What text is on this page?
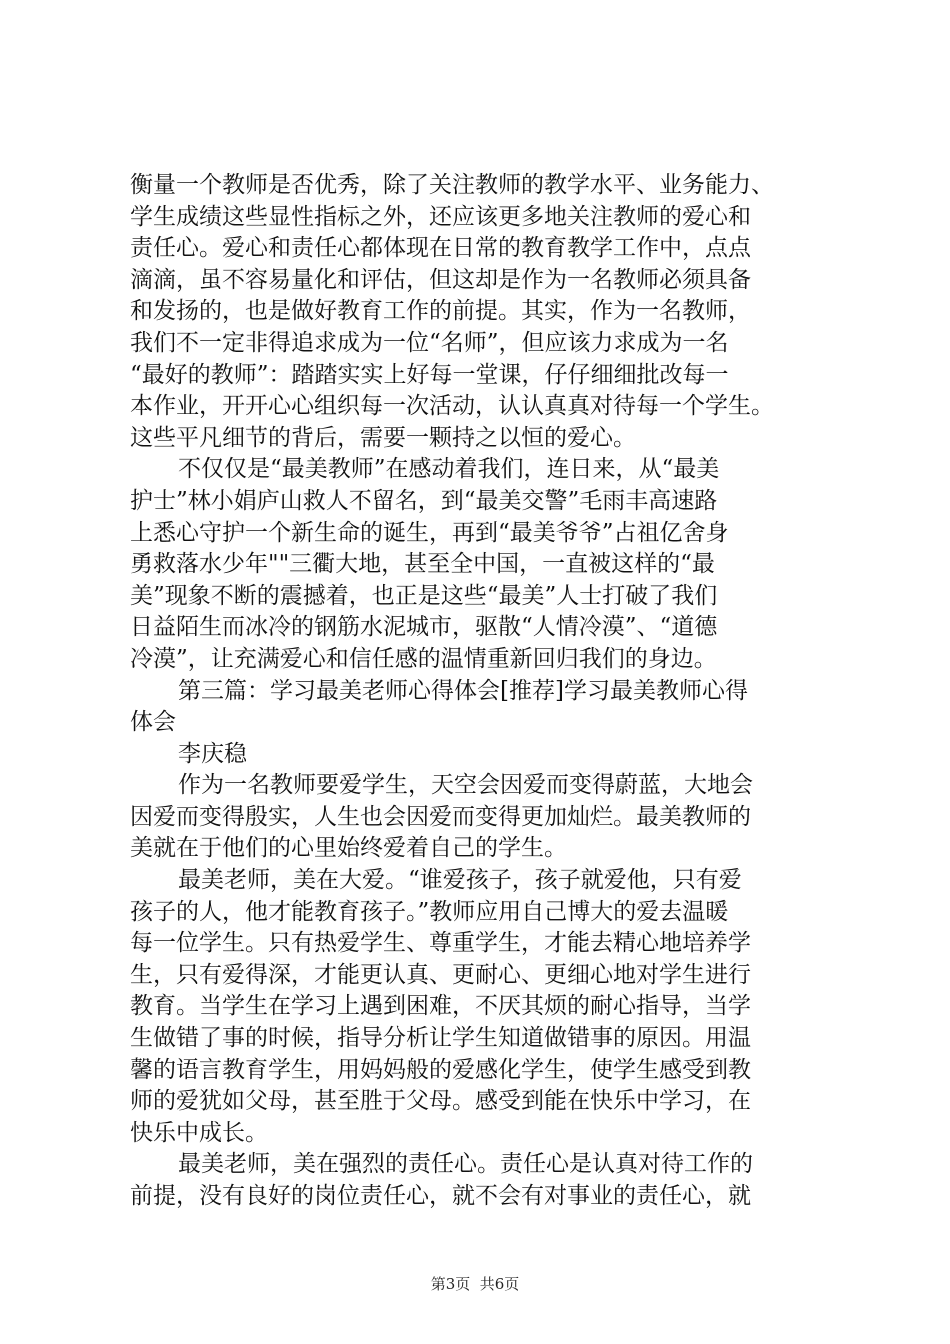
衡量一个教师是否优秀，除了关注教师的教学水平、业务能力、
学生成绩这些显性指标之外，还应该更多地关注教师的爱心和
责任心。爱心和责任心都体现在日常的教育教学工作中，点点
滴滴，虽不容易量化和评估，但这却是作为一名教师必须具备
和发扬的，也是做好教育工作的前提。其实，作为一名教师，
我们不一定非得追求成为一位“名师”，但应该力求成为一名
“最好的教师”：踏踏实实上好每一堂课，仔仔细细批改每一
本作业，开开心心组织每一次活动，认认真真对待每一个学生。
这些平凡细节的背后，需要一颗持之以恒的爱心。
不仅仅是“最美教师”在感动着我们，连日来，从“最美
护士”林小娟庐山救人不留名，到“最美交警”毛雨丰高速路
上悉心守护一个新生命的诞生，再到“最美爷爷”占祖亿舍身
勇救落水少年""三衢大地，甚至全中国，一直被这样的“最
美”现象不断的震撼着，也正是这些“最美”人士打破了我们
日益陌生而冰冷的钢筋水泥城市，驱散“人情冷漠”、“道德
冷漠”，让充满爱心和信任感的温情重新回归我们的身边。
第三篇：学习最美老师心得体会[推荐]学习最美教师心得
体会
李庆稳
作为一名教师要爱学生，天空会因爱而变得蔚蓝，大地会
因爱而变得殷实，人生也会因爱而变得更加灿烂。最美教师的
美就在于他们的心里始终爱着自己的学生。
最美老师，美在大爱。“谁爱孩子，孩子就爱他，只有爱
孩子的人，他才能教育孩子。”教师应用自己博大的爱去温暖
每一位学生。只有热爱学生、尊重学生，才能去精心地培养学
生，只有爱得深，才能更认真、更耐心、更细心地对学生进行
教育。当学生在学习上遇到困难，不厌其烦的耐心指导，当学
生做错了事的时候，指导分析让学生知道做错事的原因。用温
馨的语言教育学生，用妈妈般的爱感化学生，使学生感受到教
师的爱犹如父母，甚至胜于父母。感受到能在快乐中学习，在
快乐中成长。
最美老师，美在强烈的责任心。责任心是认真对待工作的
前提，没有良好的岗位责任心，就不会有对事业的责任心，就
第3页  共6页
